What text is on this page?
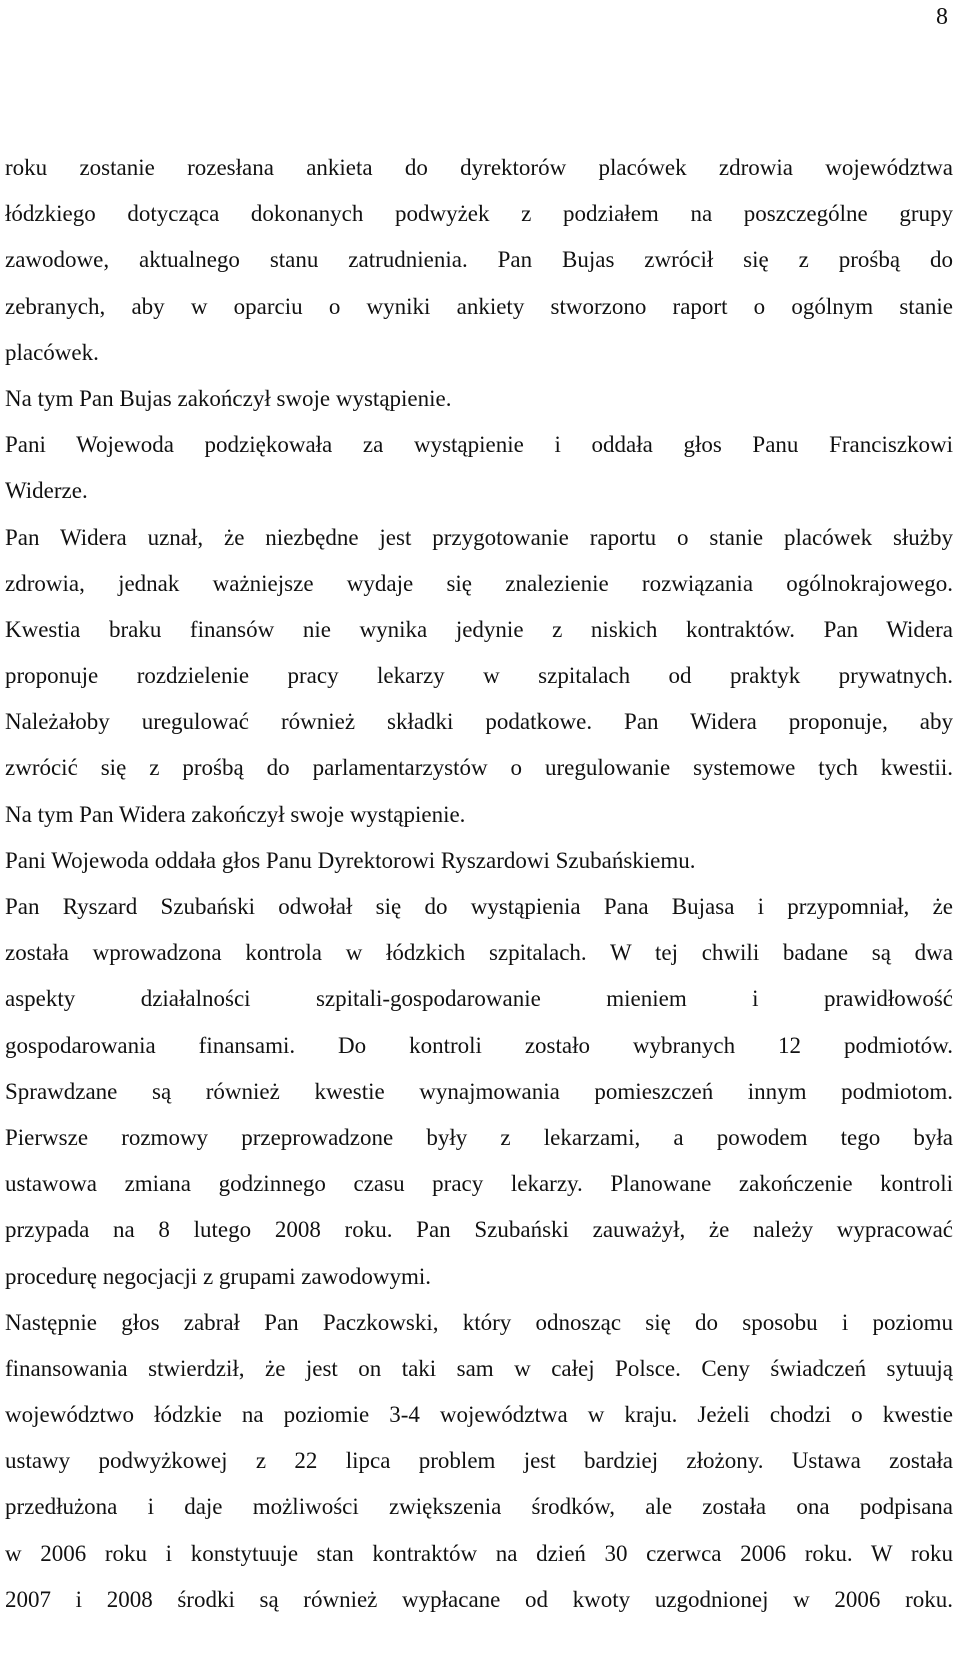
8
roku zostanie rozesłana ankieta do dyrektorów placówek zdrowia województwa
łódzkiego dotycząca dokonanych podwyżek z podziałem na poszczególne grupy
zawodowe, aktualnego stanu zatrudnienia. Pan Bujas zwrócił się z prośbą do
zebranych, aby w oparciu o wyniki ankiety stworzono raport o ogólnym stanie
placówek.
Na tym Pan Bujas zakończył swoje wystąpienie.
Pani Wojewoda podziękowała za wystąpienie i oddała głos Panu Franciszkowi
Widerze.
Pan Widera uznał, że niezbędne jest przygotowanie raportu o stanie placówek służby
zdrowia, jednak ważniejsze wydaje się znalezienie rozwiązania ogólnokrajowego.
Kwestia braku finansów nie wynika jedynie z niskich kontraktów. Pan Widera
proponuje rozdzielenie pracy lekarzy w szpitalach od praktyk prywatnych.
Należałoby uregulować również składki podatkowe. Pan Widera proponuje, aby
zwrócić się z prośbą do parlamentarzystów o uregulowanie systemowe tych kwestii.
Na tym Pan Widera zakończył swoje wystąpienie.
Pani Wojewoda oddała głos Panu Dyrektorowi Ryszardowi Szubańskiemu.
Pan Ryszard Szubański odwołał się do wystąpienia Pana Bujasa i przypomniał, że
została wprowadzona kontrola w łódzkich szpitalach. W tej chwili badane są dwa
aspekty działalności szpitali-gospodarowanie mieniem i prawidłowość
gospodarowania finansami. Do kontroli zostało wybranych 12 podmiotów.
Sprawdzane są również kwestie wynajmowania pomieszczeń innym podmiotom.
Pierwsze rozmowy przeprowadzone były z lekarzami, a powodem tego była
ustawowa zmiana godzinnego czasu pracy lekarzy. Planowane zakończenie kontroli
przypada na 8 lutego 2008 roku. Pan Szubański zauważył, że należy wypracować
procedurę negocjacji z grupami zawodowymi.
Następnie głos zabrał Pan Paczkowski, który odnosząc się do sposobu i poziomu
finansowania stwierdził, że jest on taki sam w całej Polsce. Ceny świadczeń sytuują
województwo łódzkie na poziomie 3-4 województwa w kraju. Jeżeli chodzi o kwestie
ustawy podwyżkowej z 22 lipca problem jest bardziej złożony. Ustawa została
przedłużona i daje możliwości zwiększenia środków, ale została ona podpisana
w 2006 roku i konstytuuje stan kontraktów na dzień 30 czerwca 2006 roku. W roku
2007 i 2008 środki są również wypłacane od kwoty uzgodnionej w 2006 roku.
